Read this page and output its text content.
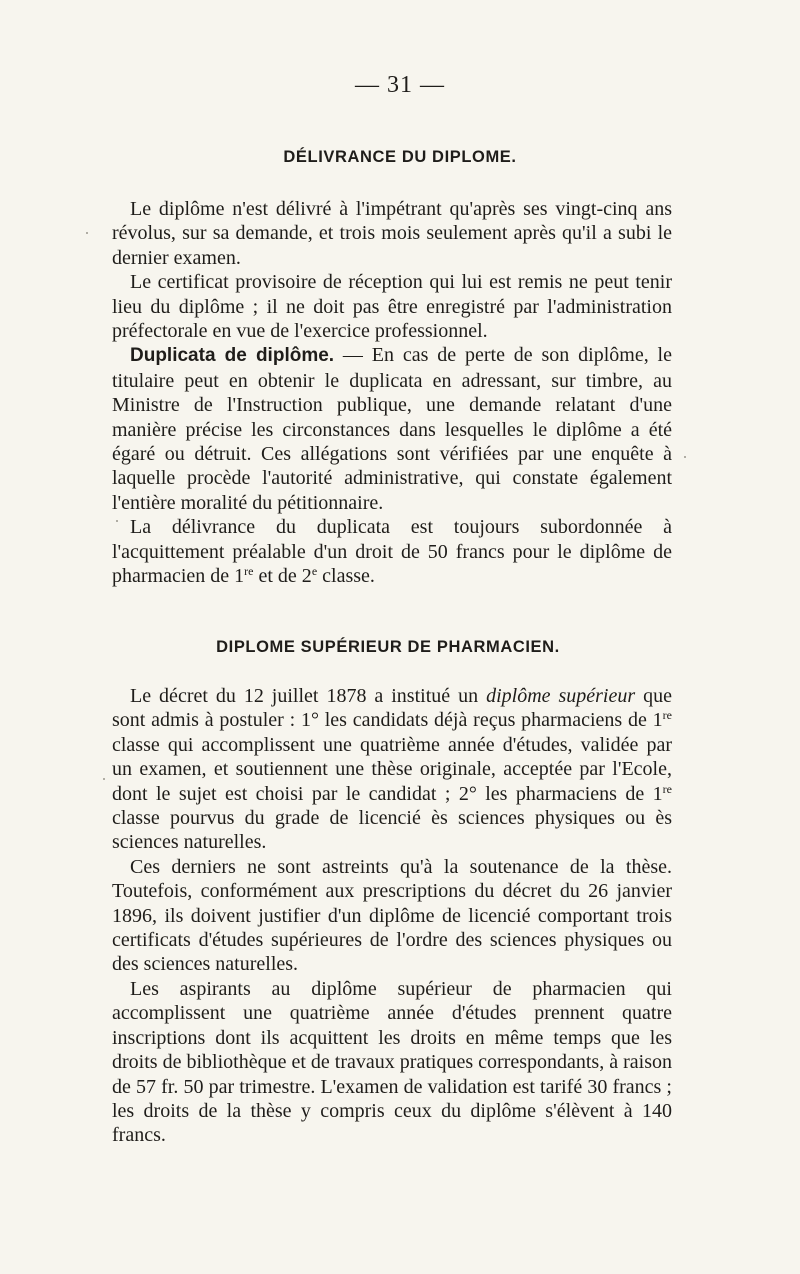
— 31 —
DÉLIVRANCE DU DIPLOME.

Le diplôme n'est délivré à l'impétrant qu'après ses vingt-cinq ans révolus, sur sa demande, et trois mois seulement après qu'il a subi le dernier examen.

Le certificat provisoire de réception qui lui est remis ne peut tenir lieu du diplôme ; il ne doit pas être enregistré par l'administration préfectorale en vue de l'exercice professionnel.

Duplicata de diplôme. — En cas de perte de son diplôme, le titulaire peut en obtenir le duplicata en adressant, sur timbre, au Ministre de l'Instruction publique, une demande relatant d'une manière précise les circonstances dans lesquelles le diplôme a été égaré ou détruit. Ces allégations sont vérifiées par une enquête à laquelle procède l'autorité administrative, qui constate également l'entière moralité du pétitionnaire.

La délivrance du duplicata est toujours subordonnée à l'acquittement préalable d'un droit de 50 francs pour le diplôme de pharmacien de 1re et de 2e classe.

DIPLOME SUPÉRIEUR DE PHARMACIEN.

Le décret du 12 juillet 1878 a institué un diplôme supérieur que sont admis à postuler : 1° les candidats déjà reçus pharmaciens de 1re classe qui accomplissent une quatrième année d'études, validée par un examen, et soutiennent une thèse originale, acceptée par l'Ecole, dont le sujet est choisi par le candidat ; 2° les pharmaciens de 1re classe pourvus du grade de licencié ès sciences physiques ou ès sciences naturelles.

Ces derniers ne sont astreints qu'à la soutenance de la thèse. Toutefois, conformément aux prescriptions du décret du 26 janvier 1896, ils doivent justifier d'un diplôme de licencié comportant trois certificats d'études supérieures de l'ordre des sciences physiques ou des sciences naturelles.

Les aspirants au diplôme supérieur de pharmacien qui accomplissent une quatrième année d'études prennent quatre inscriptions dont ils acquittent les droits en même temps que les droits de bibliothèque et de travaux pratiques correspondants, à raison de 57 fr. 50 par trimestre. L'examen de validation est tarifé 30 francs ; les droits de la thèse y compris ceux du diplôme s'élèvent à 140 francs.
